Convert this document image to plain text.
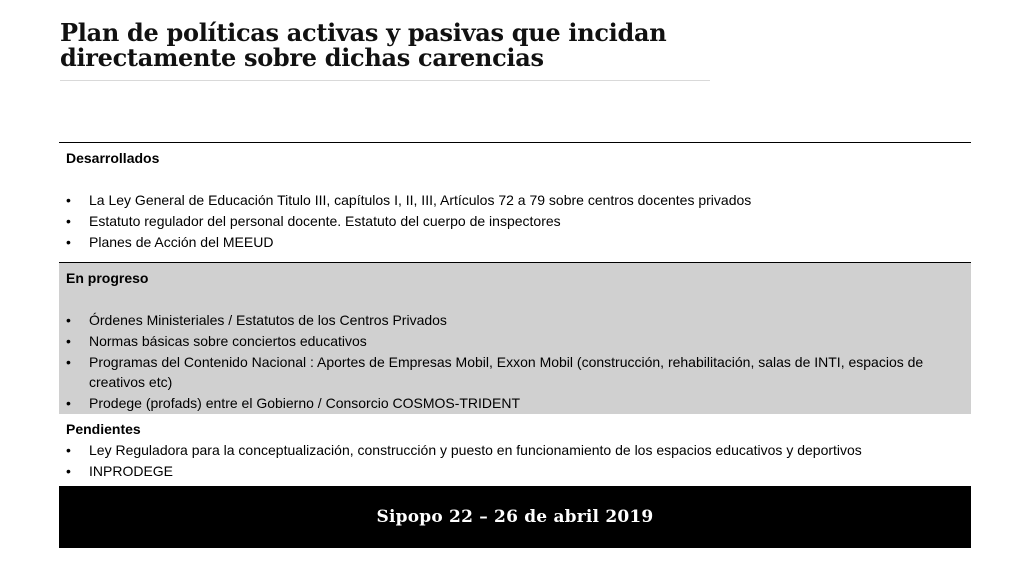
Plan de políticas activas y pasivas que incidan directamente sobre dichas carencias

Desarrollados

• La Ley General de Educación Titulo III, capítulos I, II, III, Artículos 72 a 79 sobre centros docentes privados
• Estatuto regulador del personal docente. Estatuto del cuerpo de inspectores
• Planes de Acción del MEEUD

En progreso

• Órdenes Ministeriales / Estatutos de los Centros Privados
• Normas básicas sobre conciertos educativos
• Programas del Contenido Nacional : Aportes de Empresas Mobil, Exxon Mobil (construcción, rehabilitación, salas de INTI, espacios de creativos etc)
• Prodege (profads) entre el Gobierno / Consorcio COSMOS-TRIDENT

Pendientes

• Ley Reguladora para la conceptualización, construcción y puesto en funcionamiento de los espacios educativos y deportivos
• INPRODEGE
Sipopo 22 – 26 de abril 2019
